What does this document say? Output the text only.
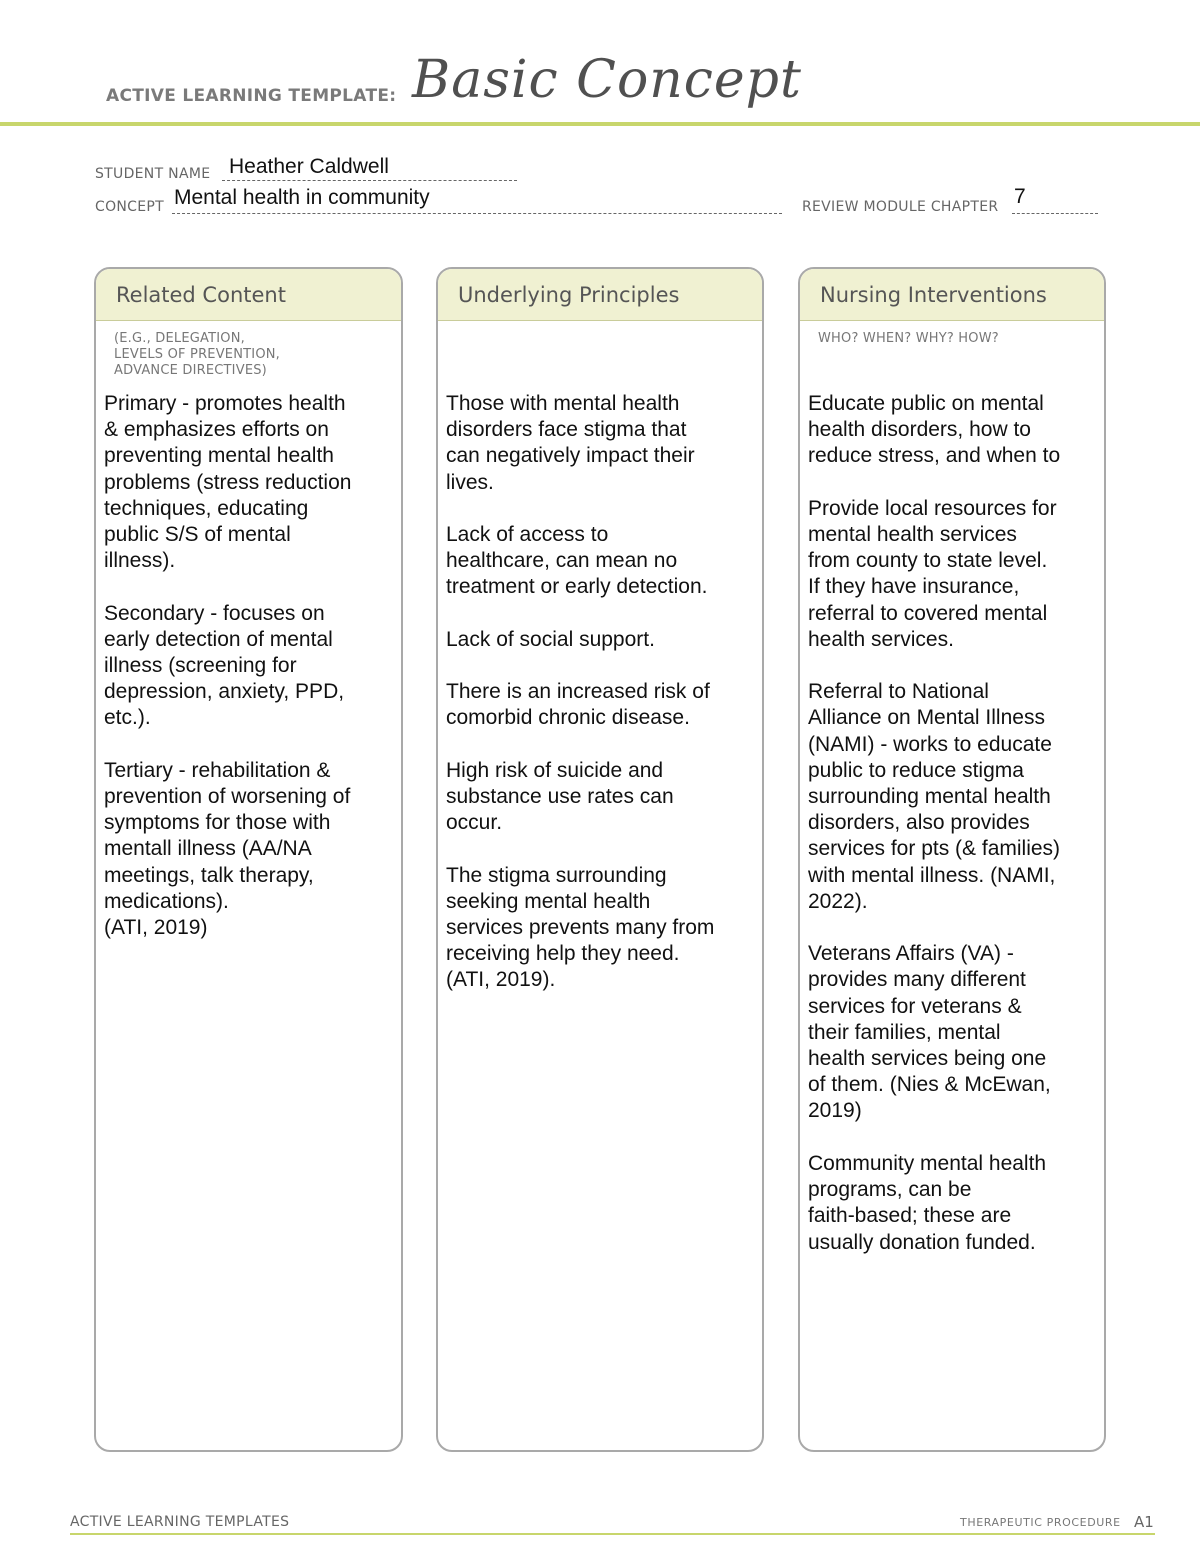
ACTIVE LEARNING TEMPLATE: Basic Concept
STUDENT NAME Heather Caldwell
CONCEPT Mental health in community	REVIEW MODULE CHAPTER 7
Related Content
(E.G., DELEGATION,
LEVELS OF PREVENTION,
ADVANCE DIRECTIVES)
Primary - promotes health
& emphasizes efforts on
preventing mental health
problems (stress reduction
techniques, educating
public S/S of mental
illness).

Secondary - focuses on
early detection of mental
illness (screening for
depression, anxiety, PPD,
etc.).

Tertiary - rehabilitation &
prevention of worsening of
symptoms for those with
mentall illness (AA/NA
meetings, talk therapy,
medications).
(ATI, 2019)
Underlying Principles
Those with mental health
disorders face stigma that
can negatively impact their
lives.

Lack of access to
healthcare, can mean no
treatment or early detection.

Lack of social support.

There is an increased risk of
comorbid chronic disease.

High risk of suicide and
substance use rates can
occur.

The stigma surrounding
seeking mental health
services prevents many from
receiving help they need.
(ATI, 2019).
Nursing Interventions
WHO? WHEN? WHY? HOW?
Educate public on mental
health disorders, how to
reduce stress, and when to

Provide local resources for
mental health services
from county to state level.
If they have insurance,
referral to covered mental
health services.

Referral to National
Alliance on Mental Illness
(NAMI) - works to educate
public to reduce stigma
surrounding mental health
disorders, also provides
services for pts (& families)
with mental illness. (NAMI,
2022).

Veterans Affairs (VA) -
provides many different
services for veterans &
their families, mental
health services being one
of them. (Nies & McEwan,
2019)

Community mental health
programs, can be
faith-based; these are
usually donation funded.
ACTIVE LEARNING TEMPLATES	THERAPEUTIC PROCEDURE A1
